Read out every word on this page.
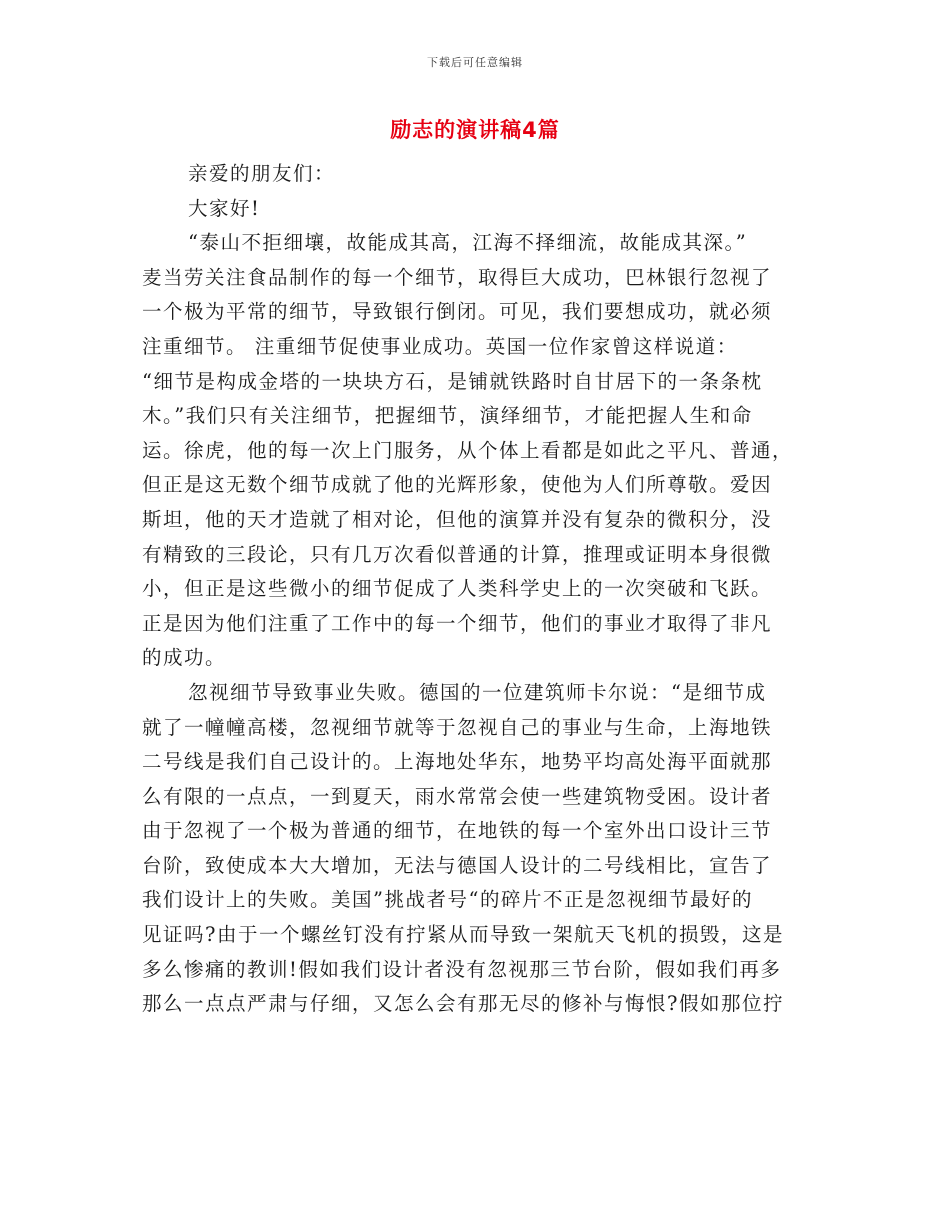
下载后可任意编辑
励志的演讲稿4篇
亲爱的朋友们：
大家好!
“泰山不拒细壤，故能成其高，江海不择细流，故能成其深。”
麦当劳关注食品制作的每一个细节，取得巨大成功，巴林银行忽视了
一个极为平常的细节，导致银行倒闭。可见，我们要想成功，就必须
注重细节。 注重细节促使事业成功。英国一位作家曾这样说道：
“细节是构成金塔的一块块方石，是铺就铁路时自甘居下的一条条枕
木。”我们只有关注细节，把握细节，演绎细节，才能把握人生和命
运。徐虎，他的每一次上门服务，从个体上看都是如此之平凡、普通，
但正是这无数个细节成就了他的光辉形象，使他为人们所尊敬。爱因
斯坦，他的天才造就了相对论，但他的演算并没有复杂的微积分，没
有精致的三段论，只有几万次看似普通的计算，推理或证明本身很微
小，但正是这些微小的细节促成了人类科学史上的一次突破和飞跃。
正是因为他们注重了工作中的每一个细节，他们的事业才取得了非凡
的成功。
忽视细节导致事业失败。德国的一位建筑师卡尔说：“是细节成
就了一幢幢高楼，忽视细节就等于忽视自己的事业与生命，上海地铁
二号线是我们自己设计的。上海地处华东，地势平均高处海平面就那
么有限的一点点，一到夏天，雨水常常会使一些建筑物受困。设计者
由于忽视了一个极为普通的细节，在地铁的每一个室外出口设计三节
台阶，致使成本大大增加，无法与德国人设计的二号线相比，宣告了
我们设计上的失败。美国”挑战者号“的碎片不正是忽视细节最好的
见证吗?由于一个螺丝钉没有拧紧从而导致一架航天飞机的损毁，这是
多么惨痛的教训!假如我们设计者没有忽视那三节台阶，假如我们再多
那么一点点严肃与仔细，又怎么会有那无尽的修补与悔恨?假如那位拧
